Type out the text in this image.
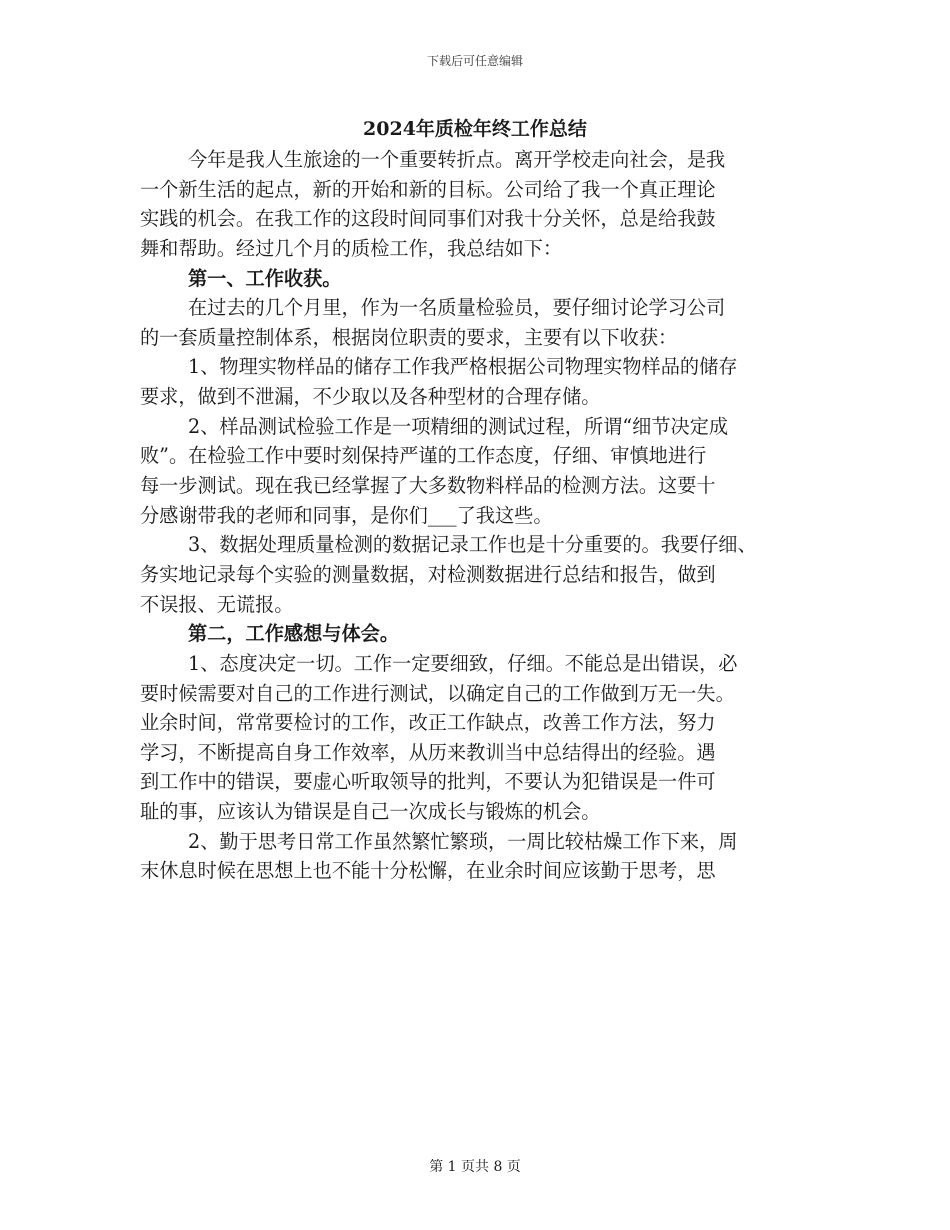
下载后可任意编辑
2024年质检年终工作总结
今年是我人生旅途的一个重要转折点。离开学校走向社会，是我
一个新生活的起点，新的开始和新的目标。公司给了我一个真正理论
实践的机会。在我工作的这段时间同事们对我十分关怀，总是给我鼓
舞和帮助。经过几个月的质检工作，我总结如下：
第一、工作收获。
在过去的几个月里，作为一名质量检验员，要仔细讨论学习公司
的一套质量控制体系，根据岗位职责的要求，主要有以下收获：
1、物理实物样品的储存工作我严格根据公司物理实物样品的储存
要求，做到不泄漏，不少取以及各种型材的合理存储。
2、样品测试检验工作是一项精细的测试过程，所谓“细节决定成
败”。在检验工作中要时刻保持严谨的工作态度，仔细、审慎地进行
每一步测试。现在我已经掌握了大多数物料样品的检测方法。这要十
分感谢带我的老师和同事，是你们___了我这些。
3、数据处理质量检测的数据记录工作也是十分重要的。我要仔细、
务实地记录每个实验的测量数据，对检测数据进行总结和报告，做到
不误报、无谎报。
第二，工作感想与体会。
1、态度决定一切。工作一定要细致，仔细。不能总是出错误，必
要时候需要对自己的工作进行测试，以确定自己的工作做到万无一失。
业余时间，常常要检讨的工作，改正工作缺点，改善工作方法，努力
学习，不断提高自身工作效率，从历来教训当中总结得出的经验。遇
到工作中的错误，要虚心听取领导的批判，不要认为犯错误是一件可
耻的事，应该认为错误是自己一次成长与锻炼的机会。
2、勤于思考日常工作虽然繁忙繁琐，一周比较枯燥工作下来，周
末休息时候在思想上也不能十分松懈，在业余时间应该勤于思考，思
第 1 页共 8 页
